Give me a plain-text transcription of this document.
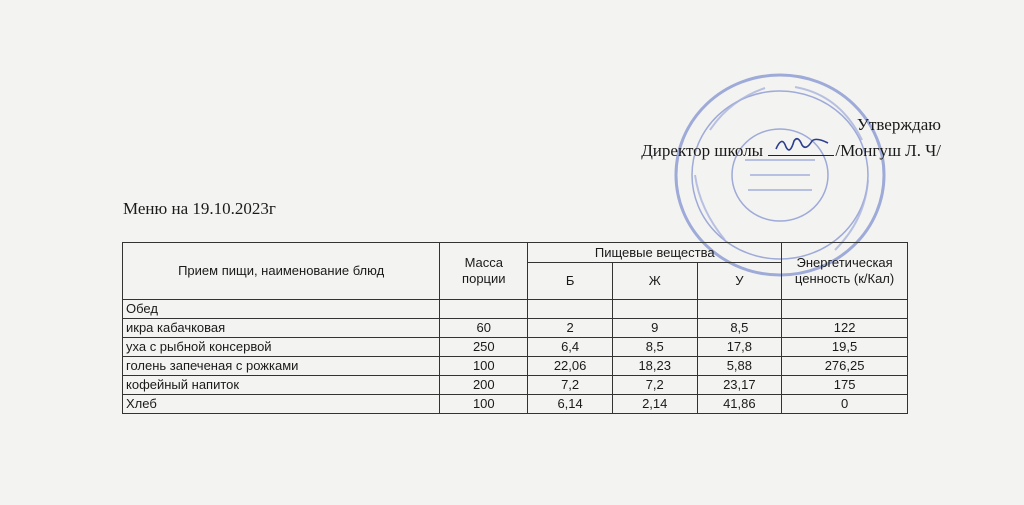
Утверждаю
Директор школы	/Монгуш Л. Ч/
Меню на 19.10.2023г
Прием пищи, наименование блюд	Масса порции	Пищевые вещества			Энергетическая ценность (к/Кал)
		Б	Ж	У	
Обед					
икра кабачковая	60	2	9	8,5	122
уха с рыбной консервой	250	6,4	8,5	17,8	19,5
голень запеченая с рожками	100	22,06	18,23	5,88	276,25
кофейный напиток	200	7,2	7,2	23,17	175
Хлеб	100	6,14	2,14	41,86	0
